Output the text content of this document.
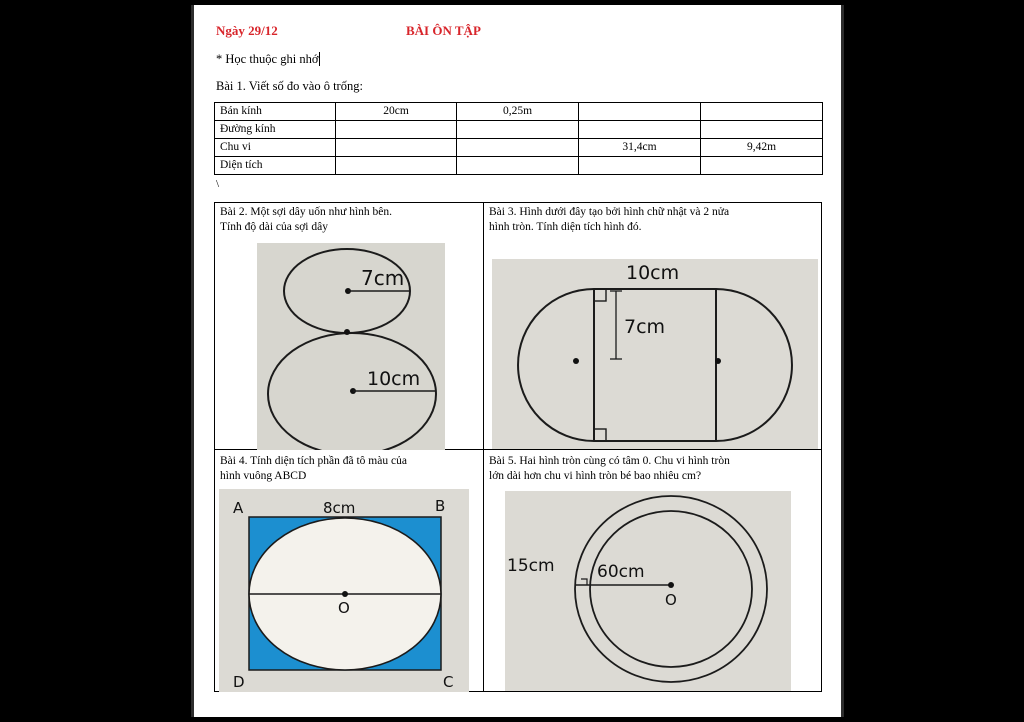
Ngày 29/12	BÀI ÔN TẬP
* Học thuộc ghi nhớ
Bài 1. Viết số đo vào ô trống:
Bán kính	20cm	0,25m		
Đường kính				
Chu vi			31,4cm	9,42m
Diện tích				
\
Bài 2. Một sợi dây uốn như hình bên.
Tính độ dài của sợi dây
7cm
10cm
Bài 3. Hình dưới đây tạo bởi hình chữ nhật và 2 nửa
hình tròn. Tính diện tích hình đó.
10cm
7cm
Bài 4. Tính diện tích phần đã tô màu của
hình vuông ABCD
A	B
C
D
8cm
O
Bài 5. Hai hình tròn cùng có tâm 0. Chu vi hình tròn
lớn dài hơn chu vi hình tròn bé bao nhiêu cm?
15cm 60cm
O
